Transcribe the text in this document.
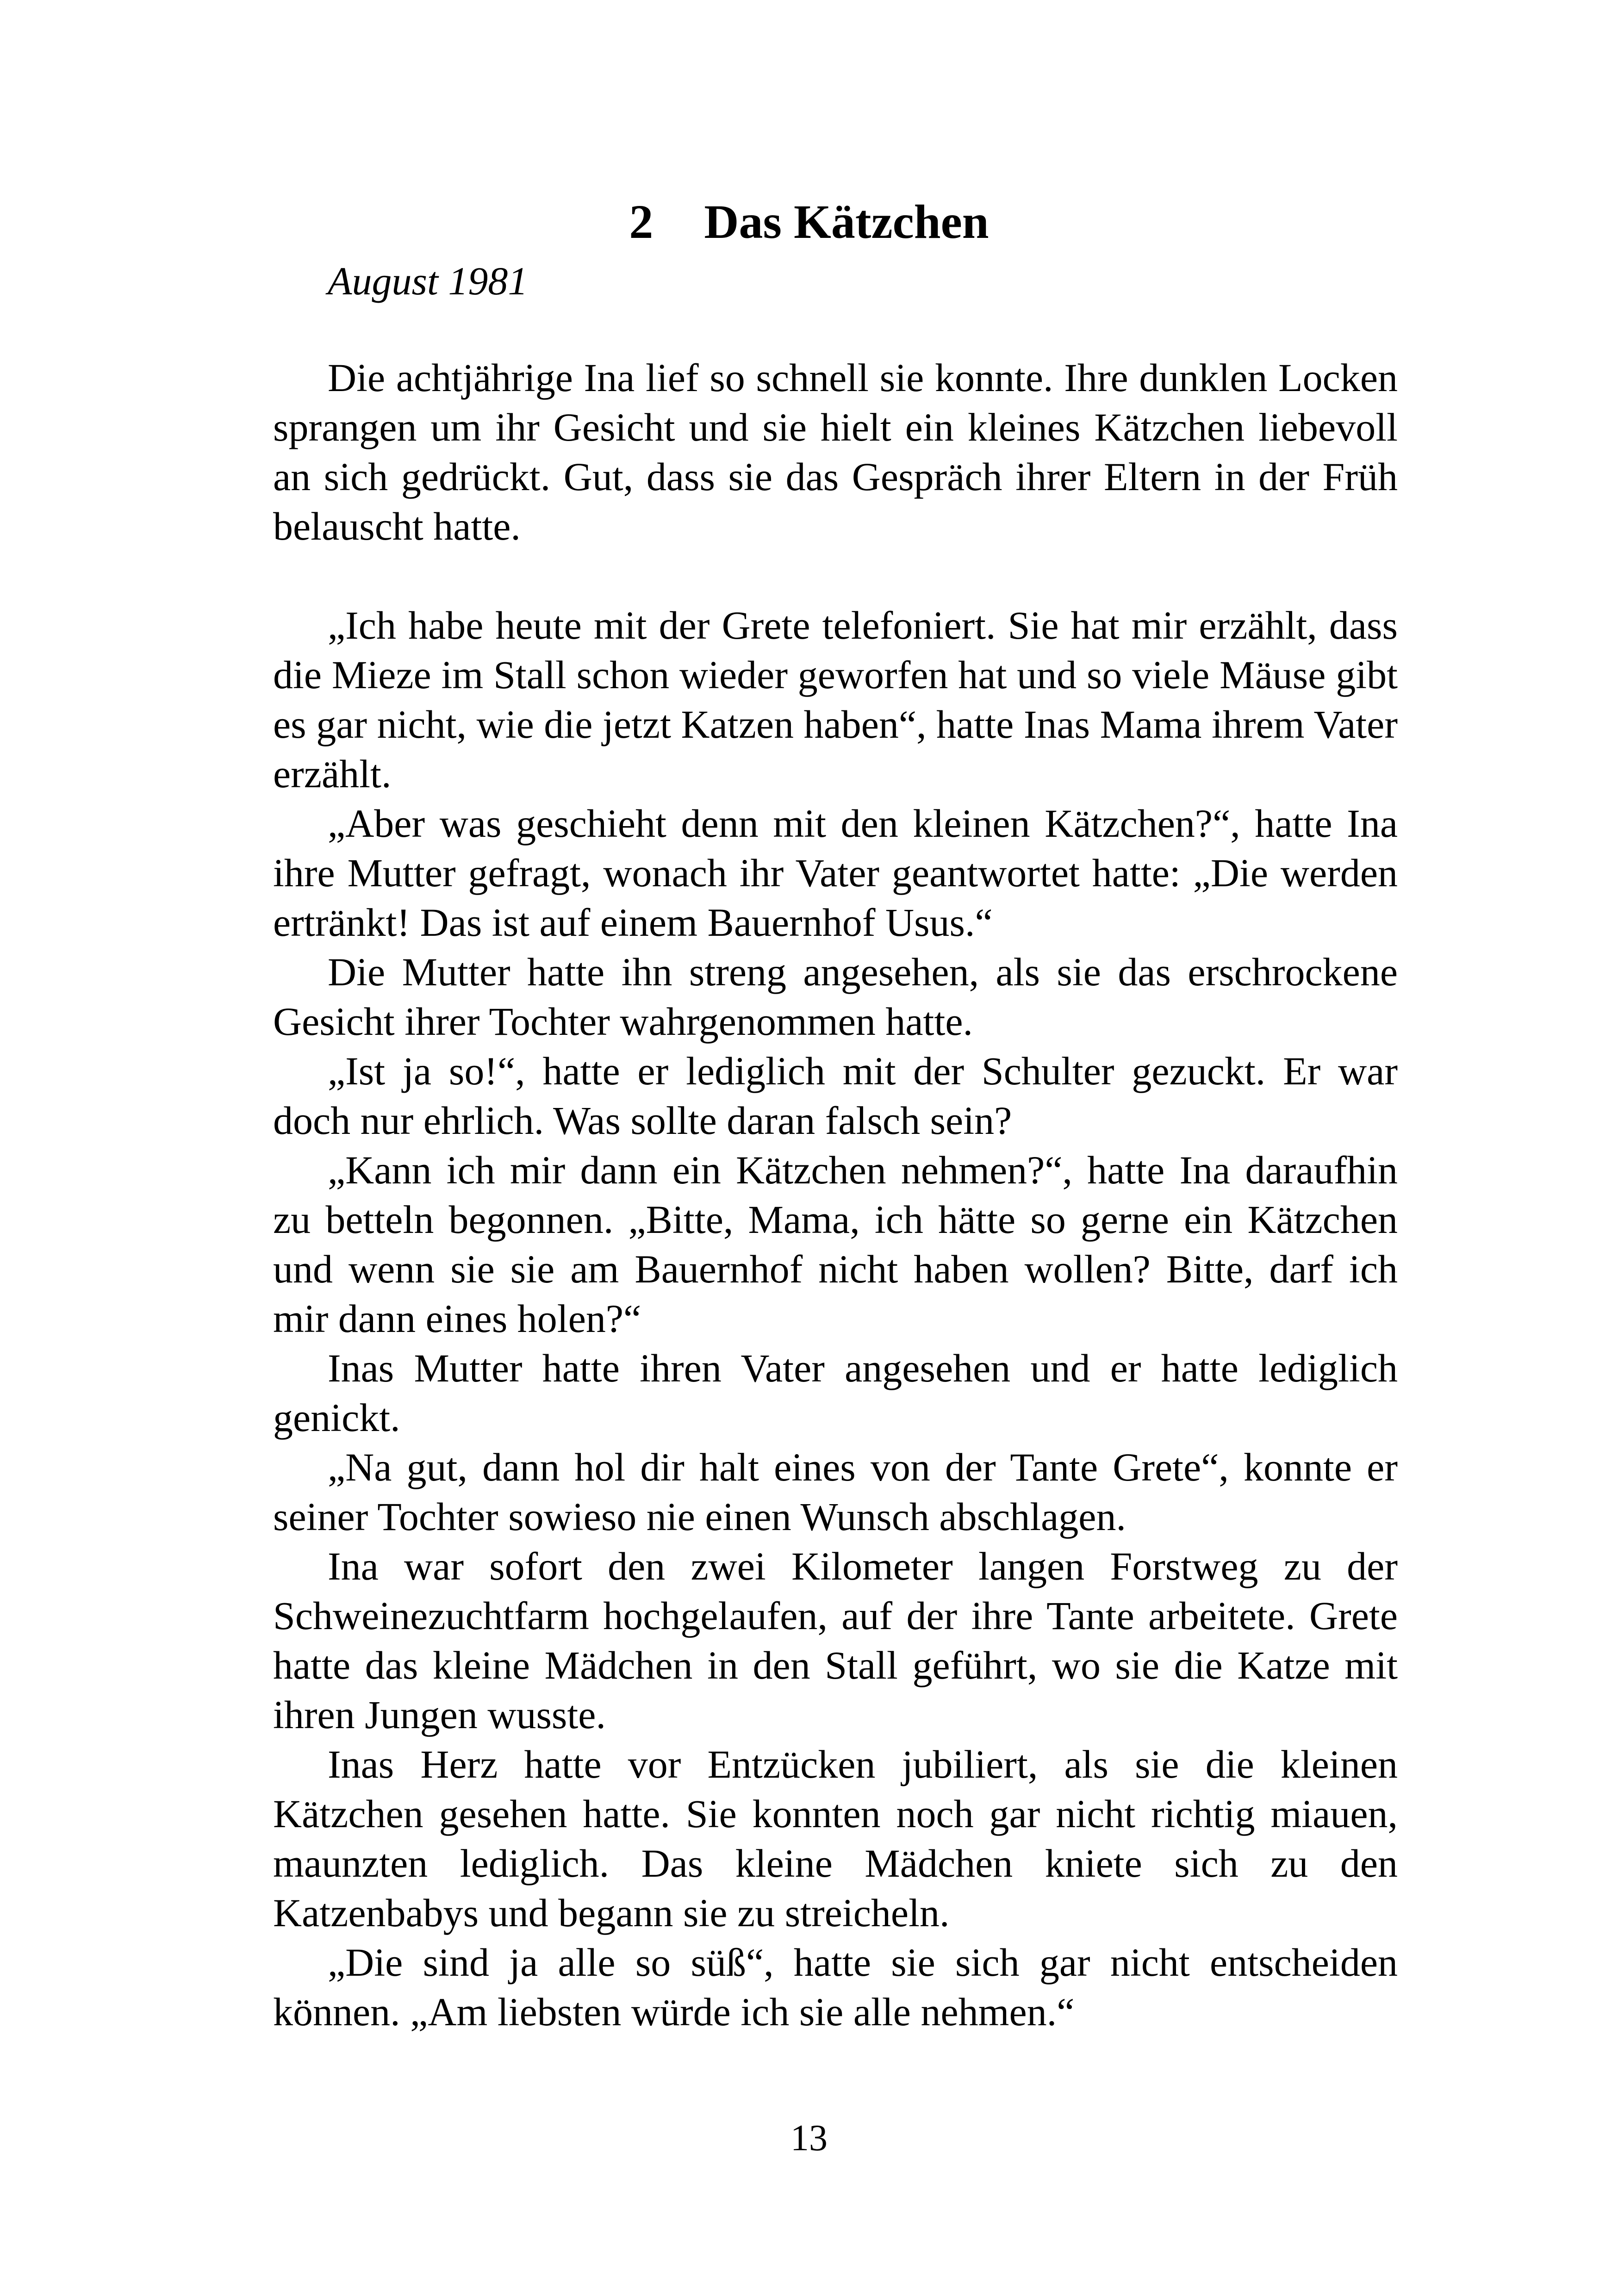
2 Das Kätzchen
August 1981

Die achtjährige Ina lief so schnell sie konnte. Ihre dunklen Locken sprangen um ihr Gesicht und sie hielt ein kleines Kätzchen liebevoll an sich gedrückt. Gut, dass sie das Gespräch ihrer Eltern in der Früh belauscht hatte.

„Ich habe heute mit der Grete telefoniert. Sie hat mir erzählt, dass die Mieze im Stall schon wieder geworfen hat und so viele Mäuse gibt es gar nicht, wie die jetzt Katzen haben“, hatte Inas Mama ihrem Vater erzählt.

„Aber was geschieht denn mit den kleinen Kätzchen?“, hatte Ina ihre Mutter gefragt, wonach ihr Vater geantwortet hatte: „Die werden ertränkt! Das ist auf einem Bauernhof Usus.“

Die Mutter hatte ihn streng angesehen, als sie das erschrockene Gesicht ihrer Tochter wahrgenommen hatte.

„Ist ja so!“, hatte er lediglich mit der Schulter gezuckt. Er war doch nur ehrlich. Was sollte daran falsch sein?

„Kann ich mir dann ein Kätzchen nehmen?“, hatte Ina daraufhin zu betteln begonnen. „Bitte, Mama, ich hätte so gerne ein Kätzchen und wenn sie sie am Bauernhof nicht haben wollen? Bitte, darf ich mir dann eines holen?“

Inas Mutter hatte ihren Vater angesehen und er hatte lediglich genickt.

„Na gut, dann hol dir halt eines von der Tante Grete“, konnte er seiner Tochter sowieso nie einen Wunsch abschlagen.

Ina war sofort den zwei Kilometer langen Forstweg zu der Schweinezuchtfarm hochgelaufen, auf der ihre Tante arbeitete. Grete hatte das kleine Mädchen in den Stall geführt, wo sie die Katze mit ihren Jungen wusste.

Inas Herz hatte vor Entzücken jubiliert, als sie die kleinen Kätzchen gesehen hatte. Sie konnten noch gar nicht richtig miauen, maunzten lediglich. Das kleine Mädchen kniete sich zu den Katzenbabys und begann sie zu streicheln.

„Die sind ja alle so süß“, hatte sie sich gar nicht entscheiden können. „Am liebsten würde ich sie alle nehmen.“

13
